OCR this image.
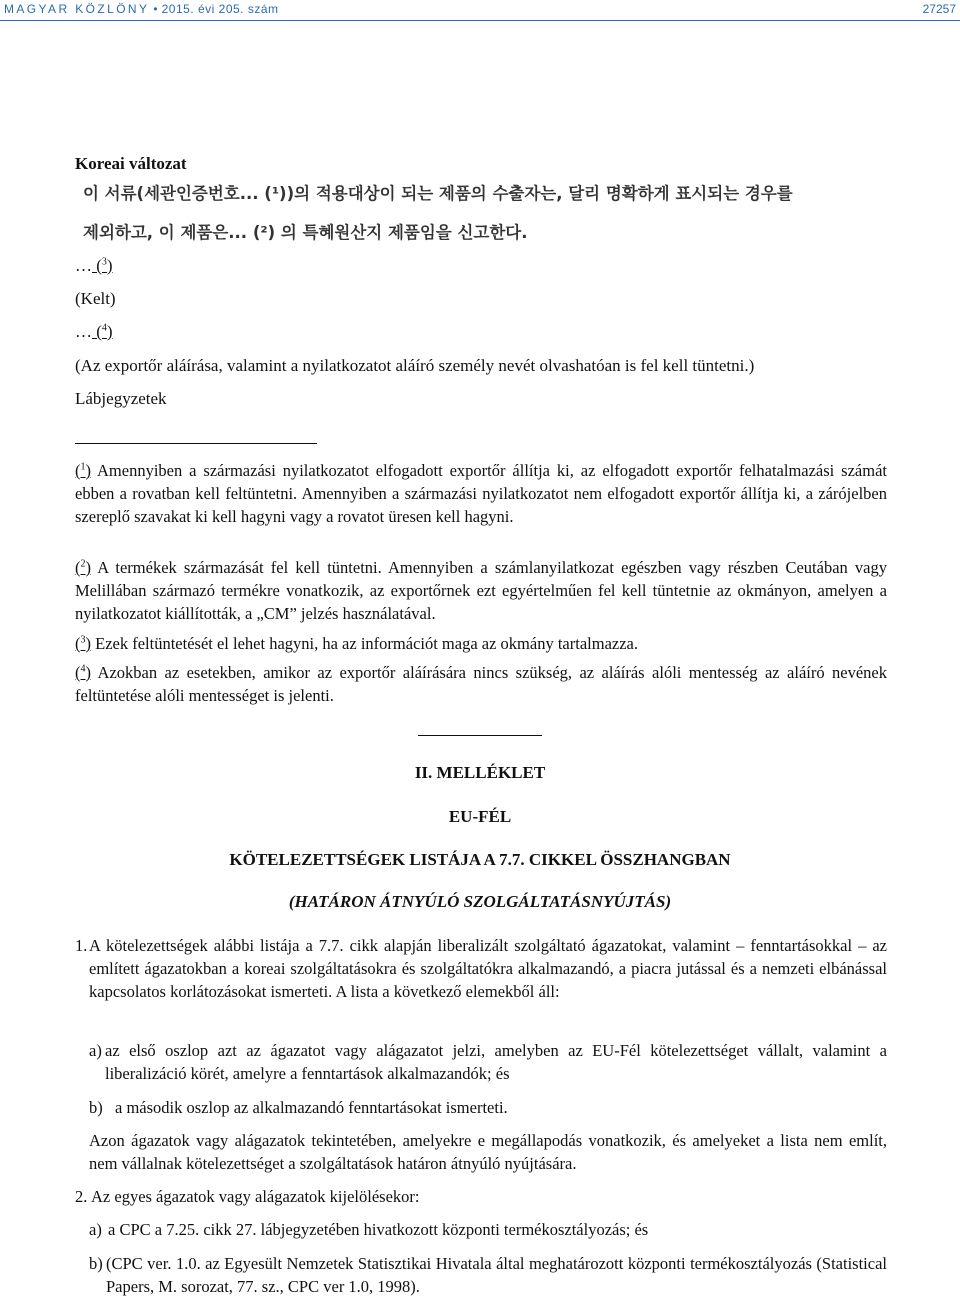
MAGYAR KÖZLÖNY • 2015. évi 205. szám	27257
Koreai változat
이 서류(세관인증번호... (¹))의 적용대상이 되는 제품의 수출자는, 달리 명확하게 표시되는 경우를
제외하고, 이 제품은... (²) 의 특혜원산지 제품임을 신고한다.
… ($^3$)
(Kelt)
… ($^4$)
(Az exportőr aláírása, valamint a nyilatkozatot aláíró személy nevét olvashatóan is fel kell tüntetni.)
Lábjegyzetek
($^1$) Amennyiben a származási nyilatkozatot elfogadott exportőr állítja ki, az elfogadott exportőr felhatalmazási számát ebben a rovatban kell feltüntetni. Amennyiben a származási nyilatkozatot nem elfogadott exportőr állítja ki, a zárójelben szereplő szavakat ki kell hagyni vagy a rovatot üresen kell hagyni.
($^2$) A termékek származását fel kell tüntetni. Amennyiben a számlanyilatkozat egészben vagy részben Ceutában vagy Melillában származó termékre vonatkozik, az exportőrnek ezt egyértelműen fel kell tüntetnie az okmányon, amelyen a nyilatkozatot kiállították, a „CM” jelzés használatával.
($^3$) Ezek feltüntetését el lehet hagyni, ha az információt maga az okmány tartalmazza.
($^4$) Azokban az esetekben, amikor az exportőr aláírására nincs szükség, az aláírás alóli mentesség az aláíró nevének feltüntetése alóli mentességet is jelenti.
II. MELLÉKLET
EU-FÉL
KÖTELEZETTSÉGEK LISTÁJA A 7.7. CIKKEL ÖSSZHANGBAN
(HATÁRON ÁTNYÚLÓ SZOLGÁLTATÁSNYÚJTÁS)
1. A kötelezettségek alábbi listája a 7.7. cikk alapján liberalizált szolgáltató ágazatokat, valamint – fenntartásokkal – az említett ágazatokban a koreai szolgáltatásokra és szolgáltatókra alkalmazandó, a piacra jutással és a nemzeti elbánással kapcsolatos korlátozásokat ismerteti. A lista a következő elemekből áll:
a) az első oszlop azt az ágazatot vagy alágazatot jelzi, amelyben az EU-Fél kötelezettséget vállalt, valamint a liberalizáció körét, amelyre a fenntartások alkalmazandók; és
b) a második oszlop az alkalmazandó fenntartásokat ismerteti.
Azon ágazatok vagy alágazatok tekintetében, amelyekre e megállapodás vonatkozik, és amelyeket a lista nem említ, nem vállalnak kötelezettséget a szolgáltatások határon átnyúló nyújtására.
2. Az egyes ágazatok vagy alágazatok kijelölésekor:
a) a CPC a 7.25. cikk 27. lábjegyzetében hivatkozott központi termékosztályozás; és
b) (CPC ver. 1.0. az Egyesült Nemzetek Statisztikai Hivatala által meghatározott központi termékosztályozás (Statistical Papers, M. sorozat, 77. sz., CPC ver 1.0, 1998).
